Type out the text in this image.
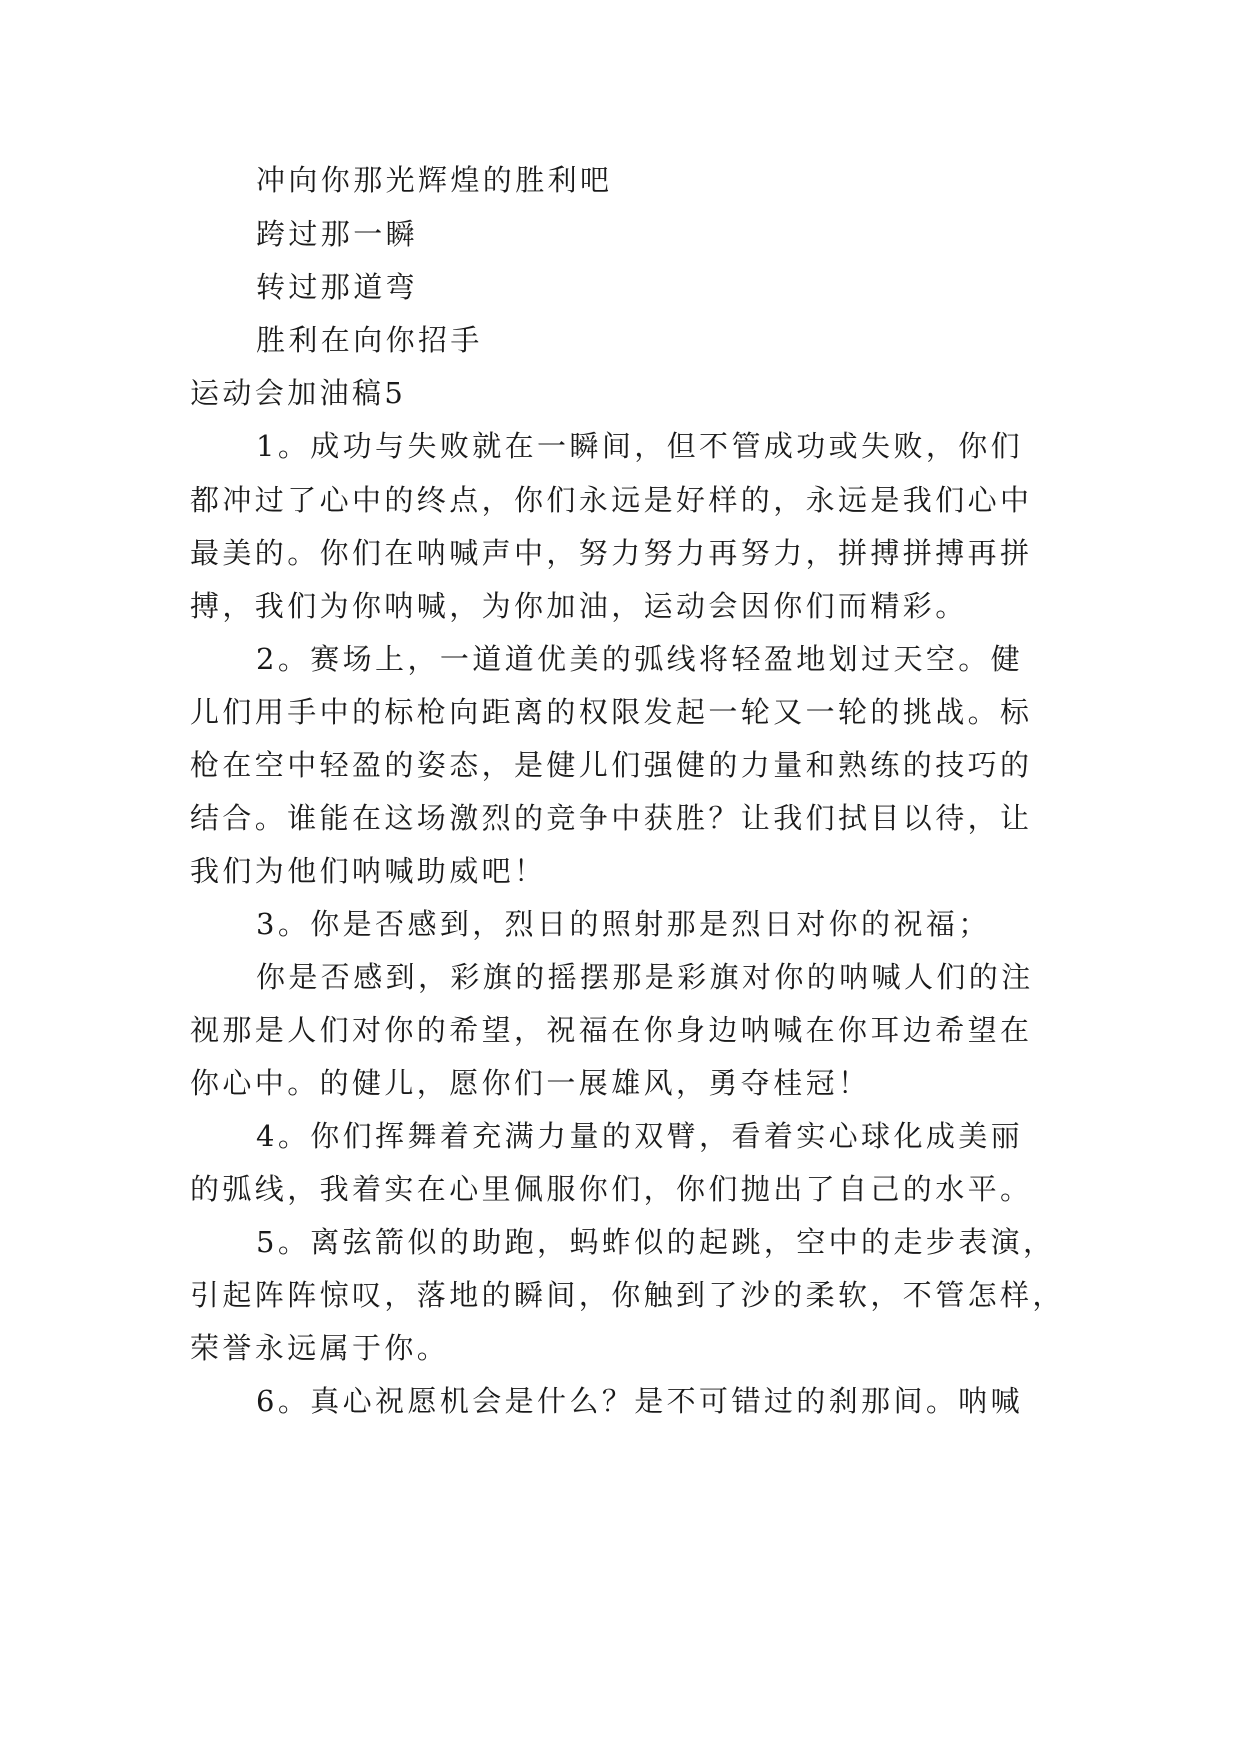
冲向你那光辉煌的胜利吧
跨过那一瞬
转过那道弯
胜利在向你招手
运动会加油稿5
1。成功与失败就在一瞬间，但不管成功或失败，你们
都冲过了心中的终点，你们永远是好样的，永远是我们心中
最美的。你们在呐喊声中，努力努力再努力，拼搏拼搏再拼
搏，我们为你呐喊，为你加油，运动会因你们而精彩。
2。赛场上，一道道优美的弧线将轻盈地划过天空。健
儿们用手中的标枪向距离的权限发起一轮又一轮的挑战。标
枪在空中轻盈的姿态，是健儿们强健的力量和熟练的技巧的
结合。谁能在这场激烈的竞争中获胜？让我们拭目以待，让
我们为他们呐喊助威吧！
3。你是否感到，烈日的照射那是烈日对你的祝福；
你是否感到，彩旗的摇摆那是彩旗对你的呐喊人们的注
视那是人们对你的希望，祝福在你身边呐喊在你耳边希望在
你心中。的健儿，愿你们一展雄风，勇夺桂冠！
4。你们挥舞着充满力量的双臂，看着实心球化成美丽
的弧线，我着实在心里佩服你们，你们抛出了自己的水平。
5。离弦箭似的助跑，蚂蚱似的起跳，空中的走步表演，
引起阵阵惊叹，落地的瞬间，你触到了沙的柔软，不管怎样，
荣誉永远属于你。
6。真心祝愿机会是什么？是不可错过的刹那间。呐喊
